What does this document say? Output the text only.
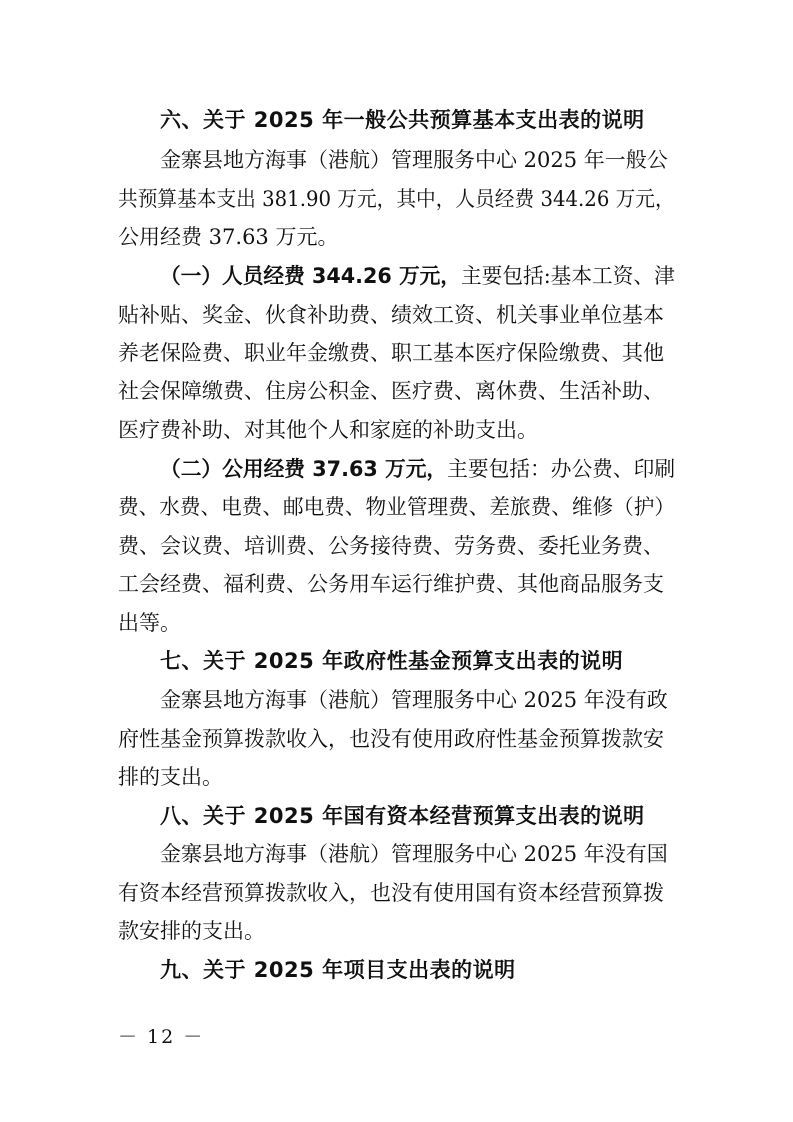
六、关于 2025 年一般公共预算基本支出表的说明
金寨县地方海事（港航）管理服务中心 2025 年一般公
共预算基本支出 381.90 万元，其中，人员经费 344.26 万元，
公用经费 37.63 万元。
（一）人员经费 344.26 万元，主要包括:基本工资、津
贴补贴、奖金、伙食补助费、绩效工资、机关事业单位基本
养老保险费、职业年金缴费、职工基本医疗保险缴费、其他
社会保障缴费、住房公积金、医疗费、离休费、生活补助、
医疗费补助、对其他个人和家庭的补助支出。
（二）公用经费 37.63 万元，主要包括：办公费、印刷
费、水费、电费、邮电费、物业管理费、差旅费、维修（护）
费、会议费、培训费、公务接待费、劳务费、委托业务费、
工会经费、福利费、公务用车运行维护费、其他商品服务支
出等。
七、关于 2025 年政府性基金预算支出表的说明
金寨县地方海事（港航）管理服务中心 2025 年没有政
府性基金预算拨款收入，也没有使用政府性基金预算拨款安
排的支出。
八、关于 2025 年国有资本经营预算支出表的说明
金寨县地方海事（港航）管理服务中心 2025 年没有国
有资本经营预算拨款收入，也没有使用国有资本经营预算拨
款安排的支出。
九、关于 2025 年项目支出表的说明
－ 12 －
